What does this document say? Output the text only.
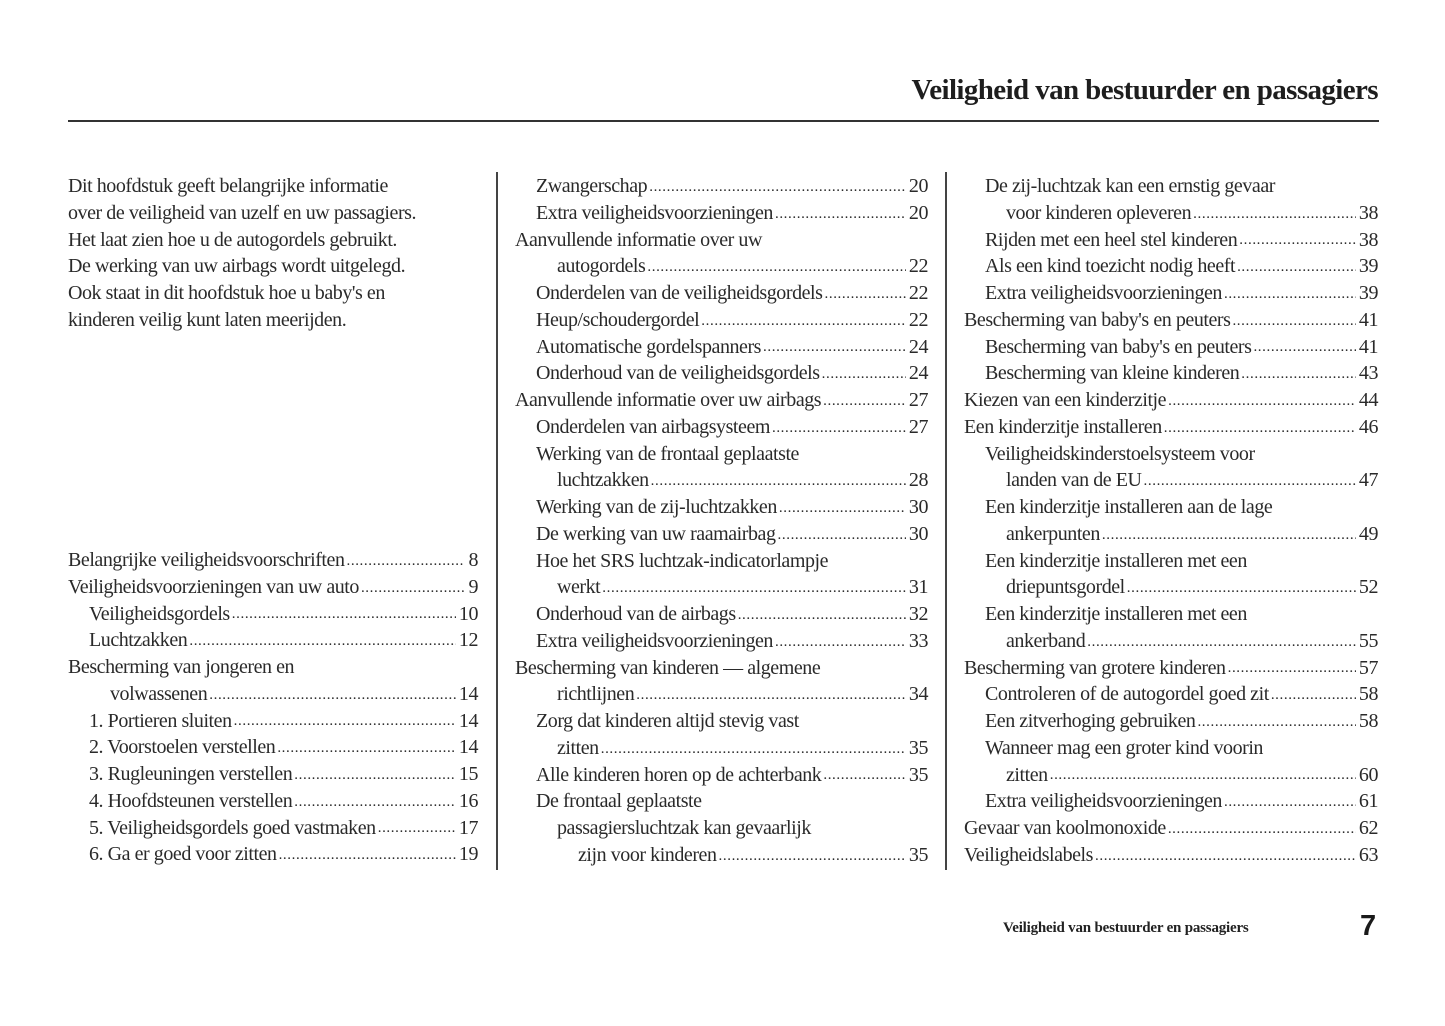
Veiligheid van bestuurder en passagiers
Dit hoofdstuk geeft belangrijke informatie
over de veiligheid van uzelf en uw passagiers.
Het laat zien hoe u de autogordels gebruikt.
De werking van uw airbags wordt uitgelegd.
Ook staat in dit hoofdstuk hoe u baby's en
kinderen veilig kunt laten meerijden.
Belangrijke veiligheidsvoorschriften .....	8
Veiligheidsvoorzieningen van uw auto .....	9
Veiligheidsgordels .....	10
Luchtzakken .....	12
Bescherming van jongeren en
volwassenen .....	14
1. Portieren sluiten .....	14
2. Voorstoelen verstellen .....	14
3. Rugleuningen verstellen .....	15
4. Hoofdsteunen verstellen .....	16
5. Veiligheidsgordels goed vastmaken .....	17
6. Ga er goed voor zitten .....	19
Zwangerschap .....	20
Extra veiligheidsvoorzieningen .....	20
Aanvullende informatie over uw
autogordels .....	22
Onderdelen van de veiligheidsgordels .....	22
Heup/schoudergordel .....	22
Automatische gordelspanners .....	24
Onderhoud van de veiligheidsgordels .....	24
Aanvullende informatie over uw airbags .....	27
Onderdelen van airbagsysteem .....	27
Werking van de frontaal geplaatste
luchtzakken .....	28
Werking van de zij-luchtzakken .....	30
De werking van uw raamairbag .....	30
Hoe het SRS luchtzak-indicatorlampje
werkt .....	31
Onderhoud van de airbags .....	32
Extra veiligheidsvoorzieningen .....	33
Bescherming van kinderen — algemene
richtlijnen .....	34
Zorg dat kinderen altijd stevig vast
zitten .....	35
Alle kinderen horen op de achterbank .....	35
De frontaal geplaatste
passagiersluchtzak kan gevaarlijk
zijn voor kinderen .....	35
De zij-luchtzak kan een ernstig gevaar
voor kinderen opleveren .....	38
Rijden met een heel stel kinderen .....	38
Als een kind toezicht nodig heeft .....	39
Extra veiligheidsvoorzieningen .....	39
Bescherming van baby's en peuters .....	41
Bescherming van baby's en peuters .....	41
Bescherming van kleine kinderen .....	43
Kiezen van een kinderzitje .....	44
Een kinderzitje installeren .....	46
Veiligheidskinderstoelsysteem voor
landen van de EU .....	47
Een kinderzitje installeren aan de lage
ankerpunten .....	49
Een kinderzitje installeren met een
driepuntsgordel .....	52
Een kinderzitje installeren met een
ankerband .....	55
Bescherming van grotere kinderen .....	57
Controleren of de autogordel goed zit .....	58
Een zitverhoging gebruiken .....	58
Wanneer mag een groter kind voorin
zitten .....	60
Extra veiligheidsvoorzieningen .....	61
Gevaar van koolmonoxide .....	62
Veiligheidslabels .....	63
Veiligheid van bestuurder en passagiers	7
